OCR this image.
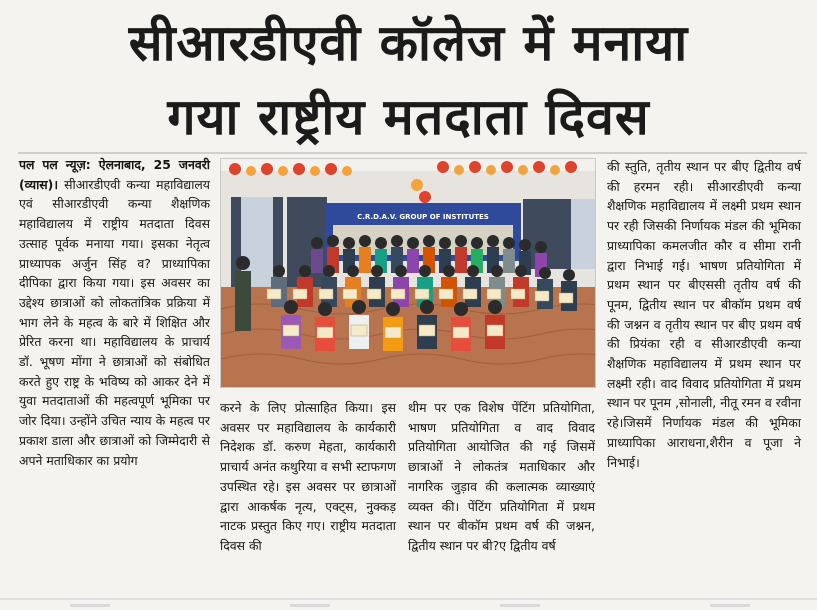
सीआरडीएवी कॉलेज में मनाया
गया राष्ट्रीय मतदाता दिवस

पल पल न्यूज़: ऐलनाबाद, 25 जनवरी (व्यास)। सीआरडीएवी कन्या महाविद्यालय एवं सीआरडीएवी कन्या शैक्षणिक महाविद्यालय में राष्ट्रीय मतदाता दिवस उत्साह पूर्वक मनाया गया। इसका नेतृत्व प्राध्यापक अर्जुन सिंह व? प्राध्यापिका दीपिका द्वारा किया गया। इस अवसर का उद्देश्य छात्राओं को लोकतांत्रिक प्रक्रिया में भाग लेने के महत्व के बारे में शिक्षित और प्रेरित करना था। महाविद्यालय के प्राचार्य डॉ. भूषण मोंगा ने छात्राओं को संबोधित करते हुए राष्ट्र के भविष्य को आकर देने में युवा मतदाताओं की महत्वपूर्ण भूमिका पर जोर दिया। उन्होंने उचित न्याय के महत्व पर प्रकाश डाला और छात्राओं को जिम्मेदारी से अपने मताधिकार का प्रयोग

C.R.D.A.V. GROUP OF INSTITUTES

करने के लिए प्रोत्साहित किया। इस अवसर पर महाविद्यालय के कार्यकारी निदेशक डॉ. करुण मेहता, कार्यकारी प्राचार्य अनंत कथुरिया व सभी स्टाफगण उपस्थित रहे। इस अवसर पर छात्राओं द्वारा आकर्षक नृत्य, एक्ट्स, नुक्कड़ नाटक प्रस्तुत किए गए। राष्ट्रीय मतदाता दिवस की

थीम पर एक विशेष पेंटिंग प्रतियोगिता, भाषण प्रतियोगिता व वाद विवाद प्रतियोगिता आयोजित की गई जिसमें छात्राओं ने लोकतंत्र मताधिकार और नागरिक जुड़ाव की कलात्मक व्याख्याएं व्यक्त की। पेंटिंग प्रतियोगिता में प्रथम स्थान पर बीकॉम प्रथम वर्ष की जश्नन, द्वितीय स्थान पर बी?ए द्वितीय वर्ष

की स्तुति, तृतीय स्थान पर बीए द्वितीय वर्ष की हरमन रही। सीआरडीएवी कन्या शैक्षणिक महाविद्यालय में लक्ष्मी प्रथम स्थान पर रही जिसकी निर्णायक मंडल की भूमिका प्राध्यापिका कमलजीत कौर व सीमा रानी द्वारा निभाई गई। भाषण प्रतियोगिता में प्रथम स्थान पर बीएससी तृतीय वर्ष की पूनम, द्वितीय स्थान पर बीकॉम प्रथम वर्ष की जश्नन व तृतीय स्थान पर बीए प्रथम वर्ष की प्रियंका रही व सीआरडीएवी कन्या शैक्षणिक महाविद्यालय में प्रथम स्थान पर लक्ष्मी रही। वाद विवाद प्रतियोगिता में प्रथम स्थान पर पूनम ,सोनाली, नीतू रमन व रवीना रहे।जिसमें निर्णायक मंडल की भूमिका प्राध्यापिका आराधना,शैरीन व पूजा ने निभाई।
